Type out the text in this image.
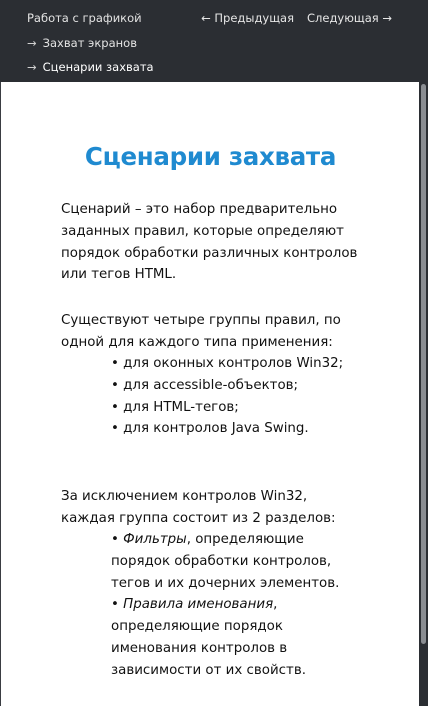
Работа с графикой
→ Захват экранов
→ Сценарии захвата
← Предыдущая Следующая →
Сценарии захвата
Сценарий – это набор предварительно заданных правил, которые определяют порядок обработки различных контролов или тегов HTML.
Существуют четыре группы правил, по одной для каждого типа применения:
• для оконных контролов Win32;
• для accessible-объектов;
• для HTML-тегов;
• для контролов Java Swing.
За исключением контролов Win32, каждая группа состоит из 2 разделов:
• Фильтры, определяющие порядок обработки контролов, тегов и их дочерних элементов.
• Правила именования, определяющие порядок именования контролов в зависимости от их свойств.
